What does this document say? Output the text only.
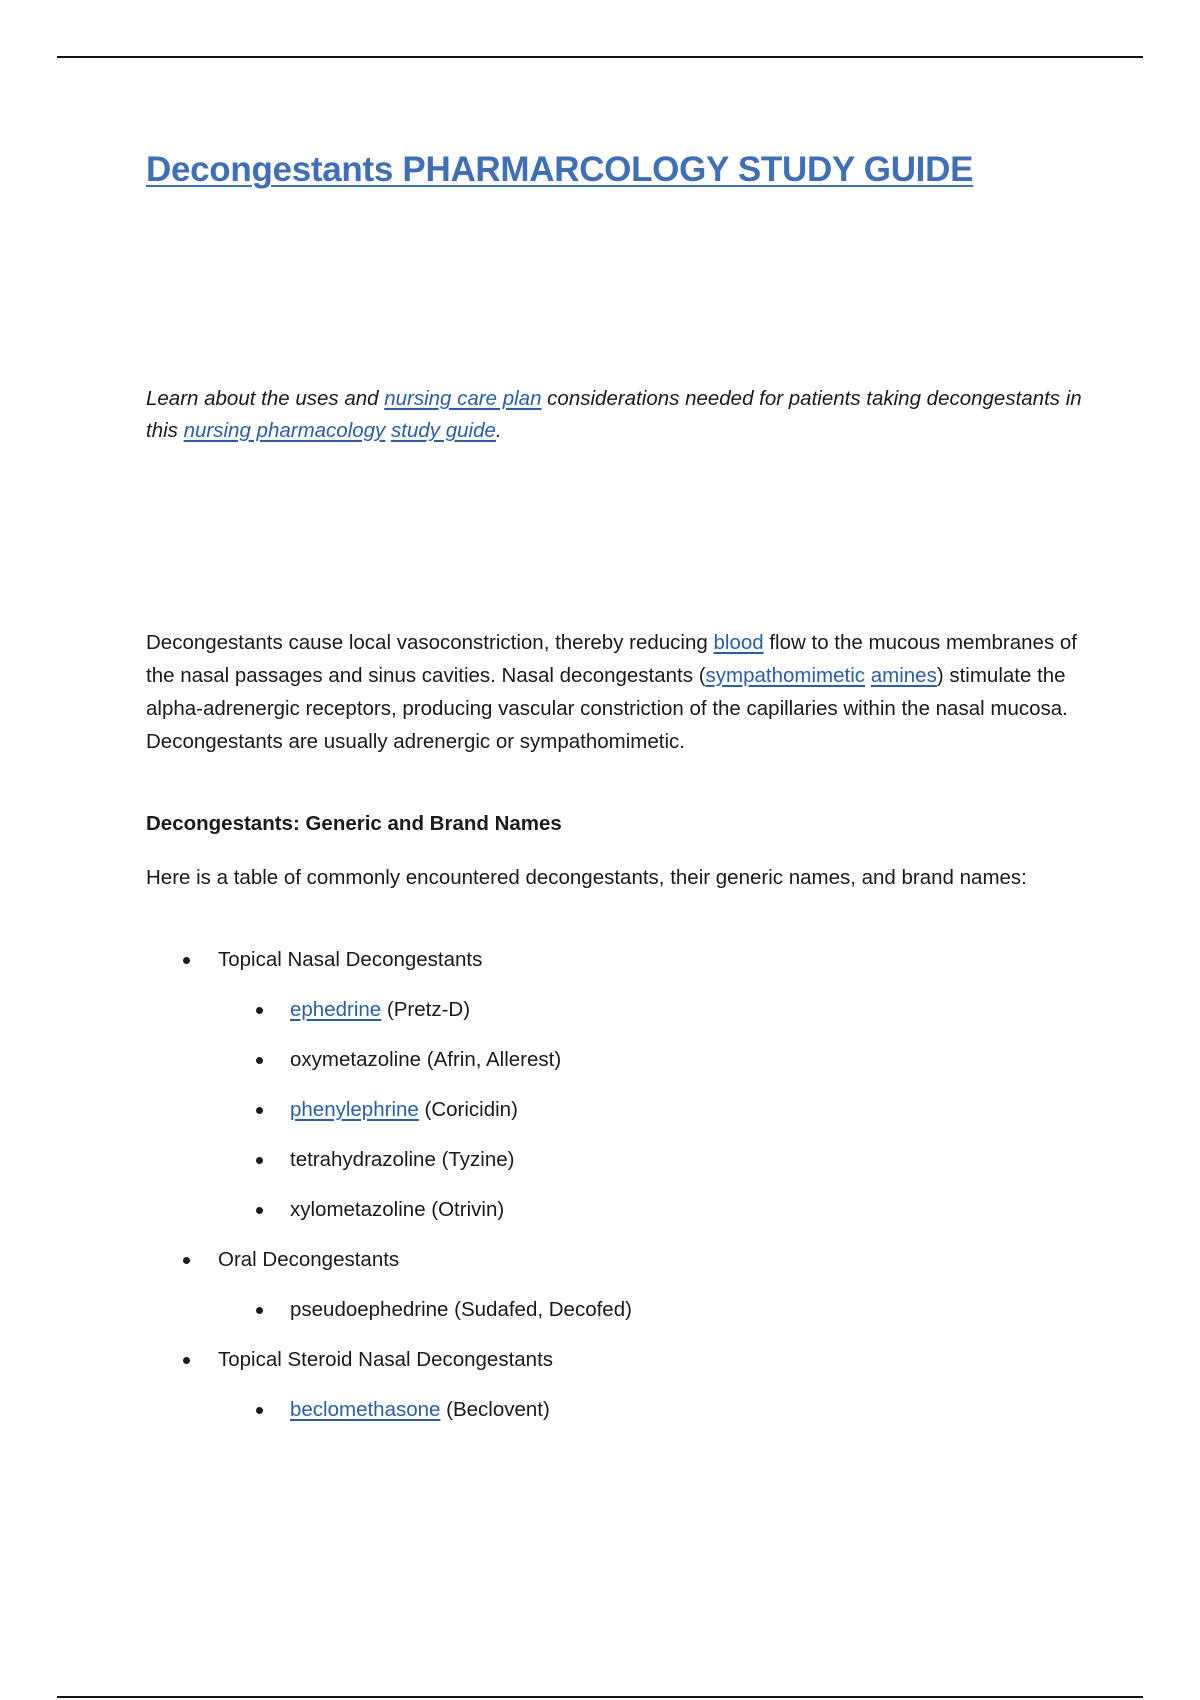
Decongestants PHARMARCOLOGY STUDY GUIDE

Learn about the uses and nursing care plan considerations needed for patients taking decongestants in this nursing pharmacology study guide.

Decongestants cause local vasoconstriction, thereby reducing blood flow to the mucous membranes of the nasal passages and sinus cavities. Nasal decongestants (sympathomimetic amines) stimulate the alpha-adrenergic receptors, producing vascular constriction of the capillaries within the nasal mucosa. Decongestants are usually adrenergic or sympathomimetic.

Decongestants: Generic and Brand Names

Here is a table of commonly encountered decongestants, their generic names, and brand names:

Topical Nasal Decongestants
ephedrine (Pretz-D)
oxymetazoline (Afrin, Allerest)
phenylephrine (Coricidin)
tetrahydrazoline (Tyzine)
xylometazoline (Otrivin)
Oral Decongestants
pseudoephedrine (Sudafed, Decofed)
Topical Steroid Nasal Decongestants
beclomethasone (Beclovent)
